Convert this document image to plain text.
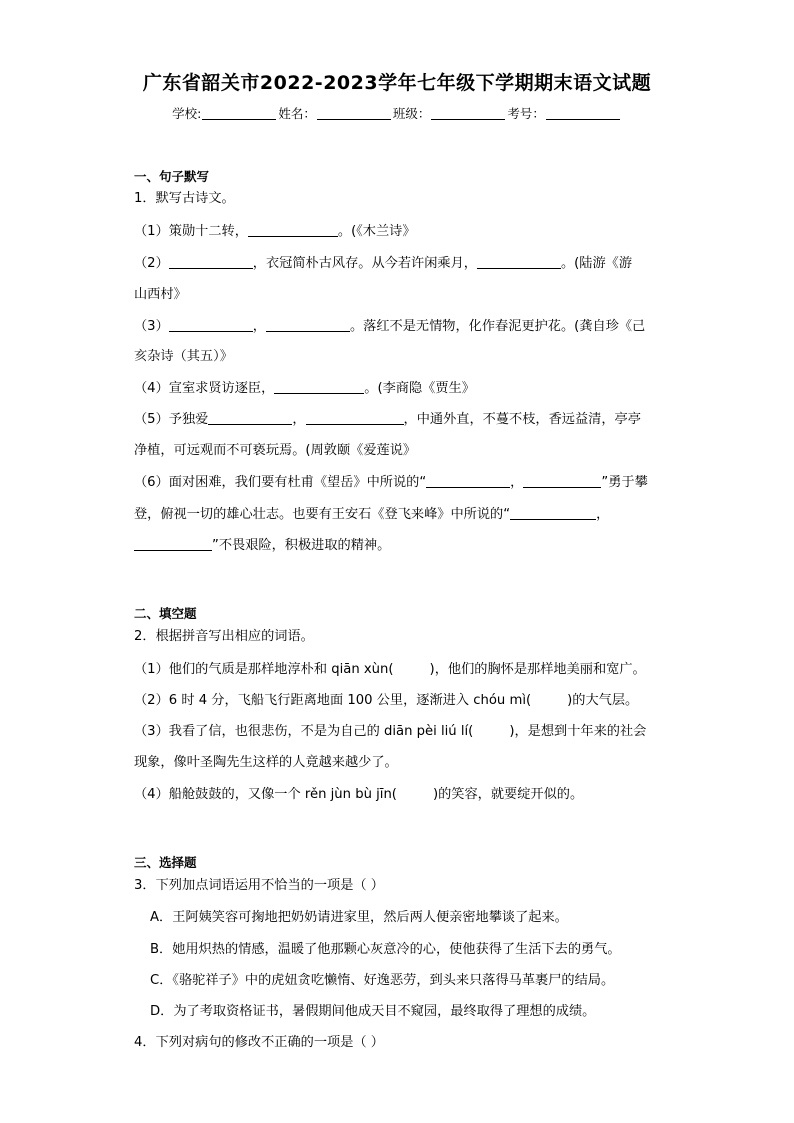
广东省韶关市2022-2023学年七年级下学期期末语文试题
学校:	姓名：	班级：	考号：
一、句子默写
1．默写古诗文。
（1）策勋十二转，	。(《木兰诗》
（2）	，衣冠简朴古风存。从今若许闲乘月，	。(陆游《游
山西村》
（3）	，	。落红不是无情物，化作春泥更护花。(龚自珍《己
亥杂诗（其五）》
（4）宣室求贤访逐臣，	。(李商隐《贾生》
（5）予独爱	，	，中通外直，不蔓不枝，香远益清，亭亭
净植，可远观而不可亵玩焉。(周敦颐《爱莲说》
（6）面对困难，我们要有杜甫《望岳》中所说的“	，	”勇于攀
登，俯视一切的雄心壮志。也要有王安石《登飞来峰》中所说的“	，
”不畏艰险，积极进取的精神。
二、填空题
2．根据拼音写出相应的词语。
（1）他们的气质是那样地淳朴和 qiān xùn(	)，他们的胸怀是那样地美丽和宽广。
（2）6 时 4 分，飞船飞行距离地面 100 公里，逐渐进入 chóu mì(	)的大气层。
（3）我看了信，也很悲伤，不是为自己的 diān pèi liú lí(	)，是想到十年来的社会
现象，像叶圣陶先生这样的人竟越来越少了。
（4）船舱鼓鼓的，又像一个 rěn jùn bù jīn(	)的笑容，就要绽开似的。
三、选择题
3．下列加点词语运用不恰当的一项是（ ）
A．王阿姨笑容可掬地把奶奶请进家里，然后两人便亲密地攀谈了起来。
B．她用炽热的情感，温暖了他那颗心灰意冷的心，使他获得了生活下去的勇气。
C．《骆驼祥子》中的虎妞贪吃懒惰、好逸恶劳，到头来只落得马革裹尸的结局。
D．为了考取资格证书，暑假期间他成天目不窥园，最终取得了理想的成绩。
4．下列对病句的修改不正确的一项是（ ）
